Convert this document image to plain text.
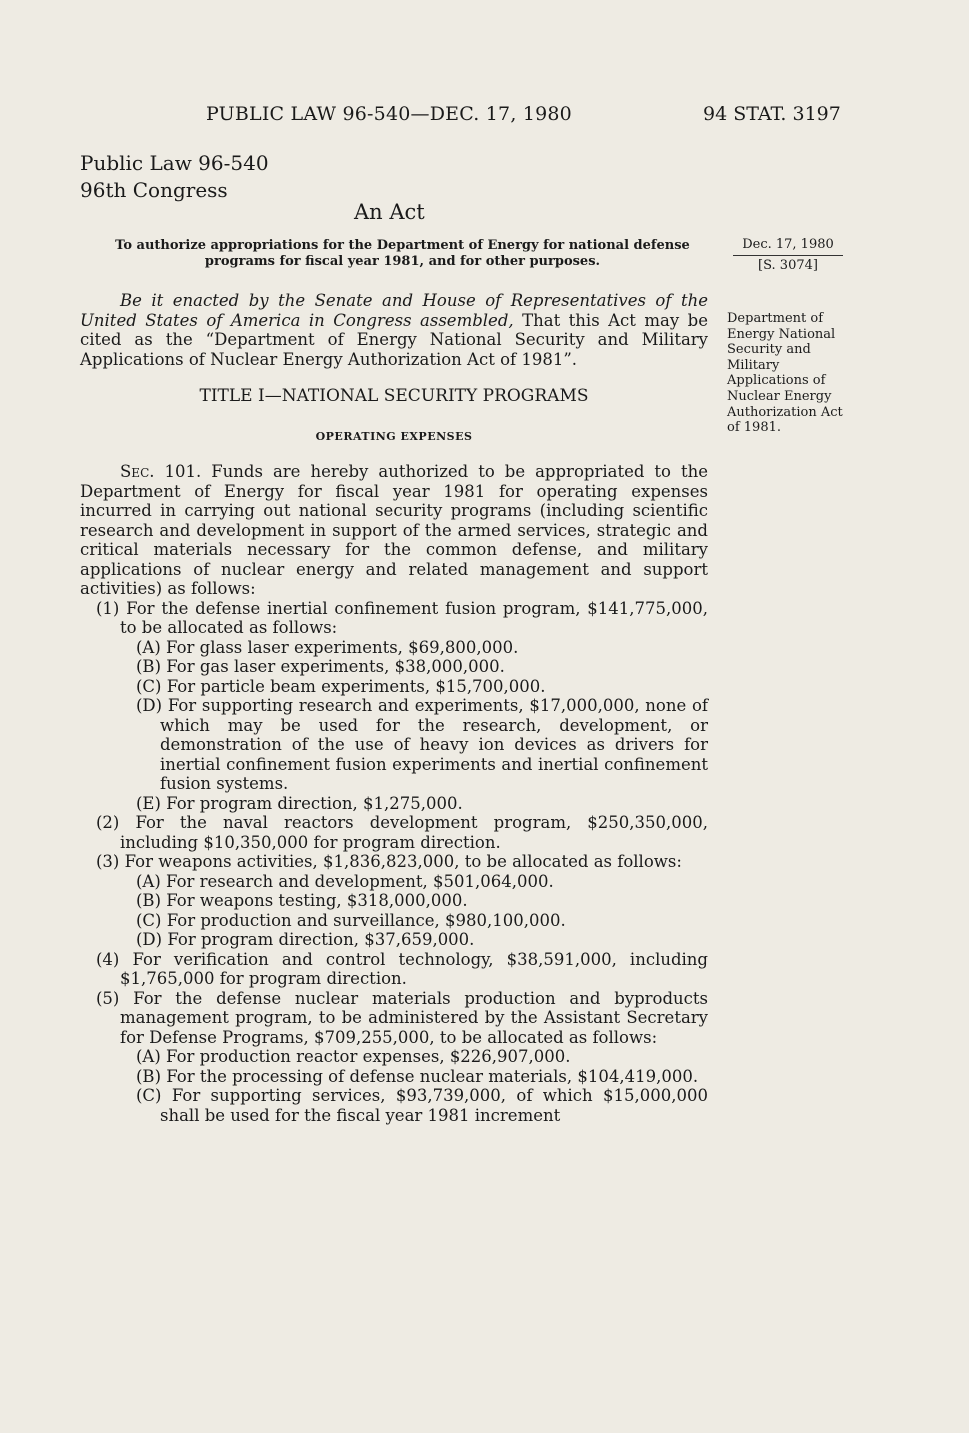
PUBLIC LAW 96-540—DEC. 17, 1980	94 STAT. 3197
Public Law 96-540
96th Congress
An Act
To authorize appropriations for the Department of Energy for national defense programs for fiscal year 1981, and for other purposes.
Dec. 17, 1980
[S. 3074]
Department of Energy National Security and Military Applications of Nuclear Energy Authorization Act of 1981.

Be it enacted by the Senate and House of Representatives of the United States of America in Congress assembled, That this Act may be cited as the “Department of Energy National Security and Military Applications of Nuclear Energy Authorization Act of 1981”.

TITLE I—NATIONAL SECURITY PROGRAMS
OPERATING EXPENSES

Sec. 101. Funds are hereby authorized to be appropriated to the Department of Energy for fiscal year 1981 for operating expenses incurred in carrying out national security programs (including scientific research and development in support of the armed services, strategic and critical materials necessary for the common defense, and military applications of nuclear energy and related management and support activities) as follows:

(1) For the defense inertial confinement fusion program, $141,775,000, to be allocated as follows:

(A) For glass laser experiments, $69,800,000.

(B) For gas laser experiments, $38,000,000.

(C) For particle beam experiments, $15,700,000.

(D) For supporting research and experiments, $17,000,000, none of which may be used for the research, development, or demonstration of the use of heavy ion devices as drivers for inertial confinement fusion experiments and inertial confinement fusion systems.

(E) For program direction, $1,275,000.

(2) For the naval reactors development program, $250,350,000, including $10,350,000 for program direction.

(3) For weapons activities, $1,836,823,000, to be allocated as follows:

(A) For research and development, $501,064,000.

(B) For weapons testing, $318,000,000.

(C) For production and surveillance, $980,100,000.

(D) For program direction, $37,659,000.

(4) For verification and control technology, $38,591,000, including $1,765,000 for program direction.

(5) For the defense nuclear materials production and byproducts management program, to be administered by the Assistant Secretary for Defense Programs, $709,255,000, to be allocated as follows:

(A) For production reactor expenses, $226,907,000.

(B) For the processing of defense nuclear materials, $104,419,000.

(C) For supporting services, $93,739,000, of which $15,000,000 shall be used for the fiscal year 1981 increment
